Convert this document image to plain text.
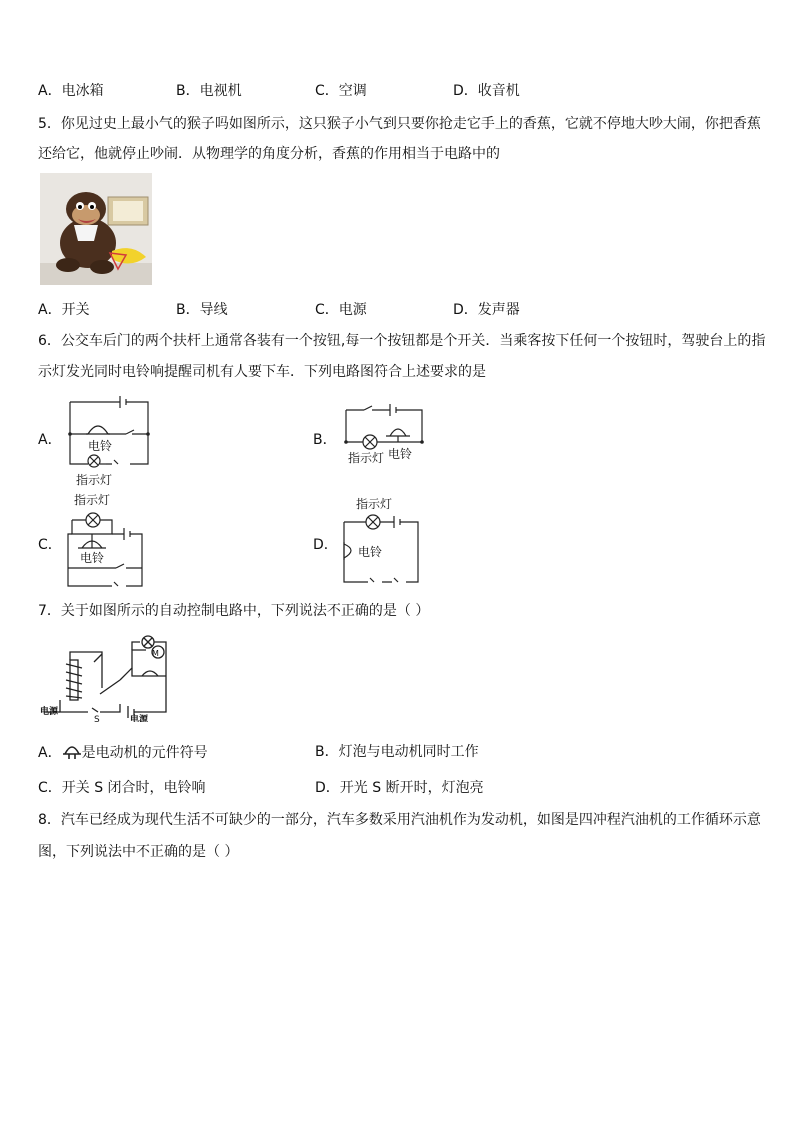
A．电冰箱	B．电视机	C．空调	D．收音机
5．你见过史上最小气的猴子吗如图所示，这只猴子小气到只要你抢走它手上的香蕉，它就不停地大吵大闹，你把香蕉
还给它，他就停止吵闹．从物理学的角度分析，香蕉的作用相当于电路中的
A．开关	B．导线	C．电源	D．发声器
6．公交车后门的两个扶杆上通常各装有一个按钮,每一个按钮都是个开关．当乘客按下任何一个按钮时，驾驶台上的指
示灯发光同时电铃响提醒司机有人要下车．下列电路图符合上述要求的是
A． 电铃
指示灯
B．
指示灯 电铃
C．
指示灯
电铃
D．
指示灯
电铃
7．关于如图所示的自动控制电路中，下列说法不正确的是（ ）
M
电源
S	电源
A． 是电动机的元件符号	B．灯泡与电动机同时工作
C．开关 S 闭合时，电铃响	D．开光 S 断开时，灯泡亮
8．汽车已经成为现代生活不可缺少的一部分，汽车多数采用汽油机作为发动机，如图是四冲程汽油机的工作循环示意
图，下列说法中不正确的是（ ）
